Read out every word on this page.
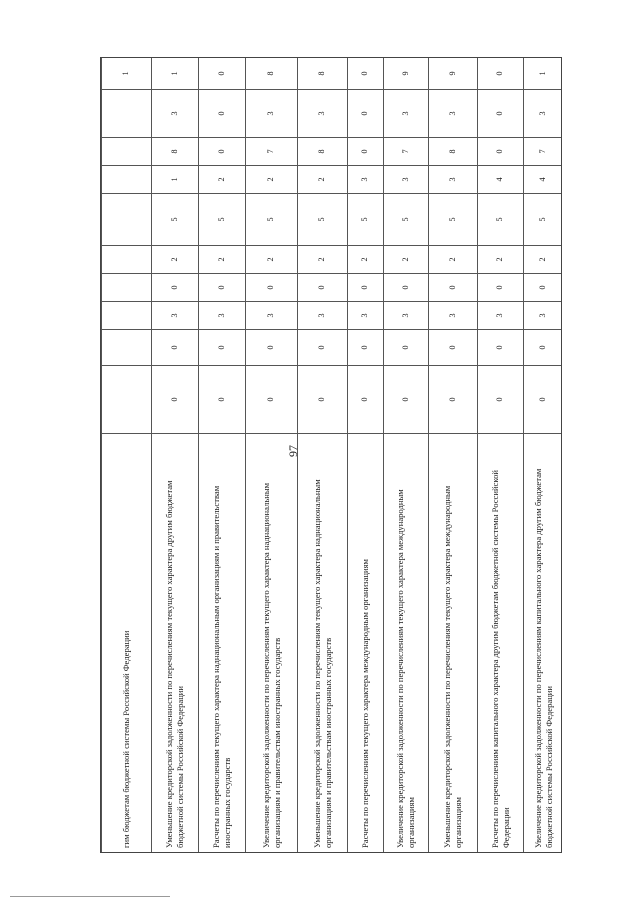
97
гим бюджетам бюджетной системы Российской Федерации										1
Уменьшение кредиторской задолженности по перечислениям текущего характера другим бюджетам бюджетной системы Российской Федерации	0	0	3	0	2	5	1	8	3	1
Расчеты по перечислениям текущего характера наднациональным организациям и правительствам иностранных государств	0	0	3	0	2	5	2	0	0	0
Увеличение кредиторской задолженности по перечислениям текущего характера наднациональным организациям и правительствам иностранных государств	0	0	3	0	2	5	2	7	3	8
Уменьшение кредиторской задолженности по перечислениям текущего характера наднациональным организациям и правительствам иностранных государств	0	0	3	0	2	5	2	8	3	8
Расчеты по перечислениям текущего характера международным организациям	0	0	3	0	2	5	3	0	0	0
Увеличение кредиторской задолженности по перечислениям текущего характера международным организациям	0	0	3	0	2	5	3	7	3	9
Уменьшение кредиторской задолженности по перечислениям текущего характера международным организациям	0	0	3	0	2	5	3	8	3	9
Расчеты по перечислениям капитального характера другим бюджетам бюджетной системы Российской Федерации	0	0	3	0	2	5	4	0	0	0
Увеличение кредиторской задолженности по перечислениям капитального характера другим бюджетам бюджетной системы Российской Федерации	0	0	3	0	2	5	4	7	3	1
